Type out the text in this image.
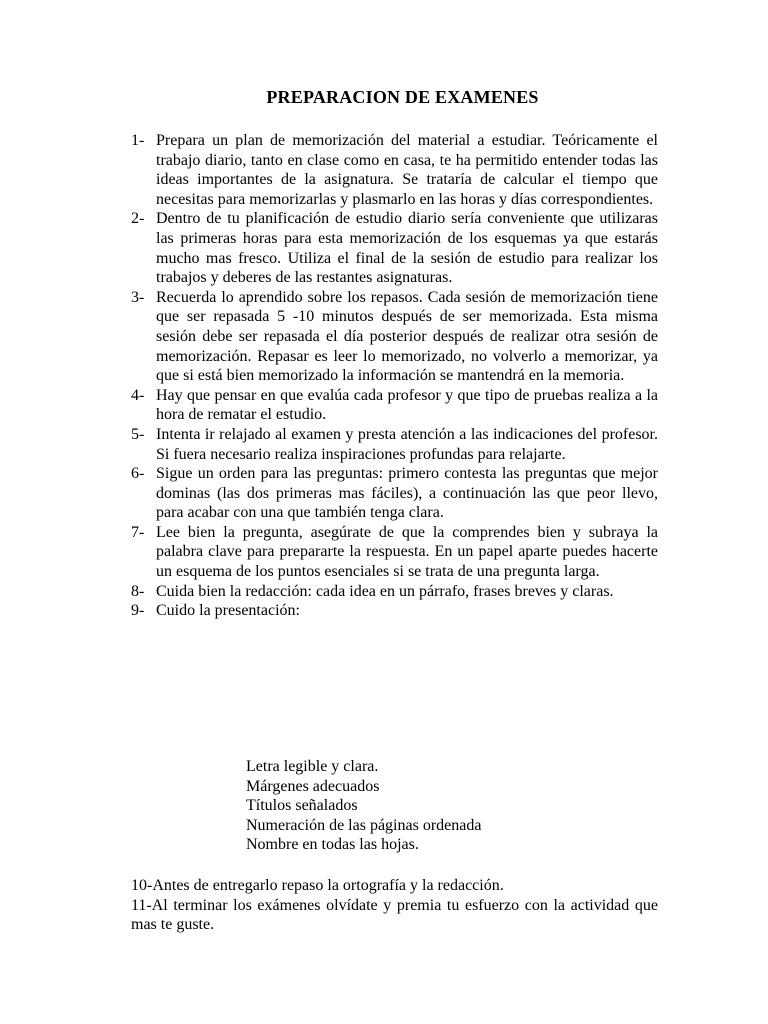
PREPARACION DE EXAMENES
1- Prepara un plan de memorización del material a estudiar. Teóricamente el trabajo diario, tanto en clase como en casa, te ha permitido entender todas las ideas importantes de la asignatura. Se trataría de calcular el tiempo que necesitas para memorizarlas y plasmarlo en las horas y días correspondientes.
2- Dentro de tu planificación de estudio diario sería conveniente que utilizaras las primeras horas para esta memorización de los esquemas ya que estarás mucho mas fresco. Utiliza el final de la sesión de estudio para realizar los trabajos y deberes de las restantes asignaturas.
3- Recuerda lo aprendido sobre los repasos. Cada sesión de memorización tiene que ser repasada 5 -10 minutos después de ser memorizada. Esta misma sesión debe ser repasada el día posterior después de realizar otra sesión de memorización. Repasar es leer lo memorizado, no volverlo a memorizar, ya que si está bien memorizado la información se mantendrá en la memoria.
4- Hay que pensar en que evalúa cada profesor y que tipo de pruebas realiza a la hora de rematar el estudio.
5- Intenta ir relajado al examen y presta atención a las indicaciones del profesor. Si fuera necesario realiza inspiraciones profundas para relajarte.
6- Sigue un orden para las preguntas: primero contesta las preguntas que mejor dominas (las dos primeras mas fáciles), a continuación las que peor llevo, para acabar con una que también tenga clara.
7- Lee bien la pregunta, asegúrate de que la comprendes bien y subraya la palabra clave para prepararte la respuesta. En un papel aparte puedes hacerte un esquema de los puntos esenciales si se trata de una pregunta larga.
8- Cuida bien la redacción: cada idea en un párrafo, frases breves y claras.
9- Cuido la presentación:
Letra legible y clara.
Márgenes adecuados
Títulos señalados
Numeración de las páginas ordenada
Nombre en todas las hojas.
10-Antes de entregarlo repaso la ortografía y la redacción.
11-Al terminar los exámenes olvídate y premia tu esfuerzo con la actividad que mas te guste.
